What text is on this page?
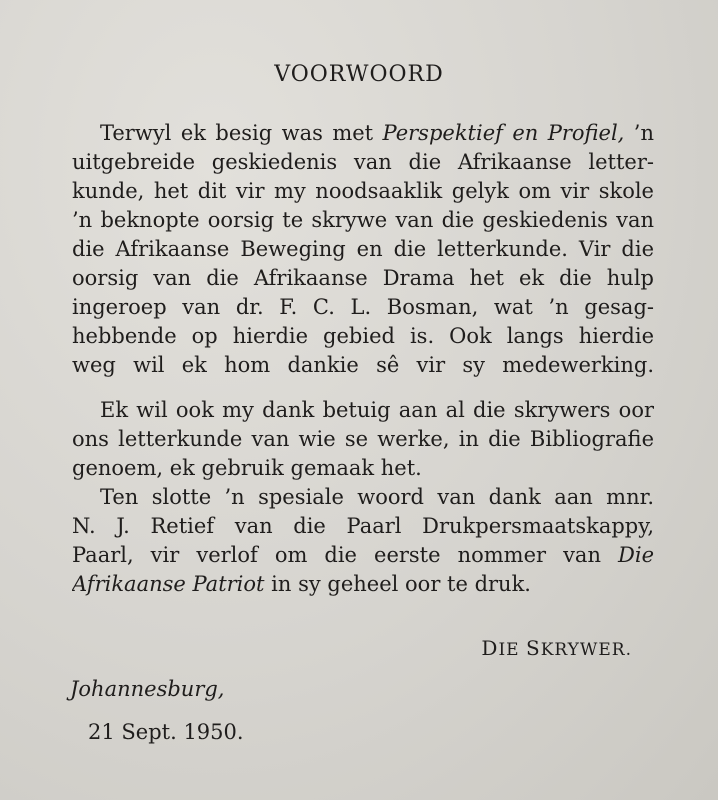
VOORWOORD
Terwyl ek besig was met Perspektief en Profiel, ’n
uitgebreide geskiedenis van die Afrikaanse letter-
kunde, het dit vir my noodsaaklik gelyk om vir skole
’n beknopte oorsig te skrywe van die geskiedenis van
die Afrikaanse Beweging en die letterkunde. Vir die
oorsig van die Afrikaanse Drama het ek die hulp
ingeroep van dr. F. C. L. Bosman, wat ’n gesag-
hebbende op hierdie gebied is. Ook langs hierdie
weg wil ek hom dankie sê vir sy medewerking.
Ek wil ook my dank betuig aan al die skrywers oor
ons letterkunde van wie se werke, in die Bibliografie
genoem, ek gebruik gemaak het.
Ten slotte ’n spesiale woord van dank aan mnr.
N. J. Retief van die Paarl Drukpersmaatskappy,
Paarl, vir verlof om die eerste nommer van Die
Afrikaanse Patriot in sy geheel oor te druk.
DIE SKRYWER.
Johannesburg,
21 Sept. 1950.
